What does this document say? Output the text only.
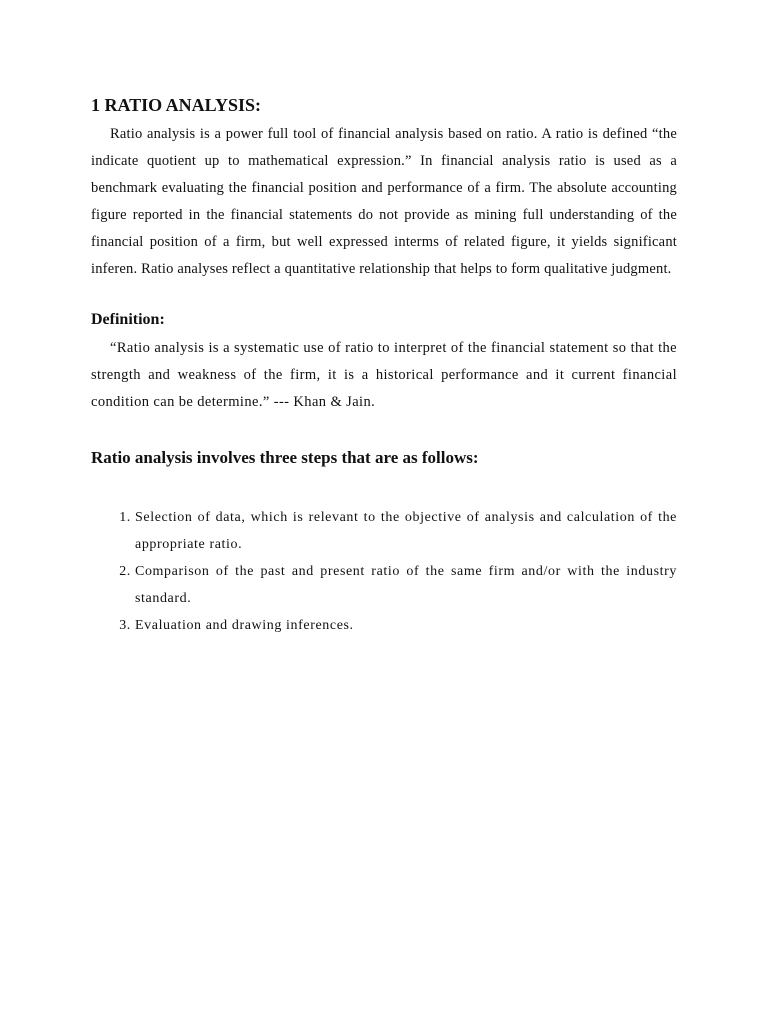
1 RATIO ANALYSIS:

Ratio analysis is a power full tool of financial analysis based on ratio. A ratio is defined “the indicate quotient up to mathematical expression.” In financial analysis ratio is used as a benchmark evaluating the financial position and performance of a firm. The absolute accounting figure reported in the financial statements do not provide as mining full understanding of the financial position of a firm, but well expressed interms of related figure, it yields significant inferen. Ratio analyses reflect a quantitative relationship that helps to form qualitative judgment.

Definition:

“Ratio analysis is a systematic use of ratio to interpret of the financial statement so that the strength and weakness of the firm, it is a historical performance and it current financial condition can be determine.” --- Khan & Jain.

Ratio analysis involves three steps that are as follows:
1. Selection of data, which is relevant to the objective of analysis and calculation of the appropriate ratio.
2. Comparison of the past and present ratio of the same firm and/or with the industry standard.
3. Evaluation and drawing inferences.
